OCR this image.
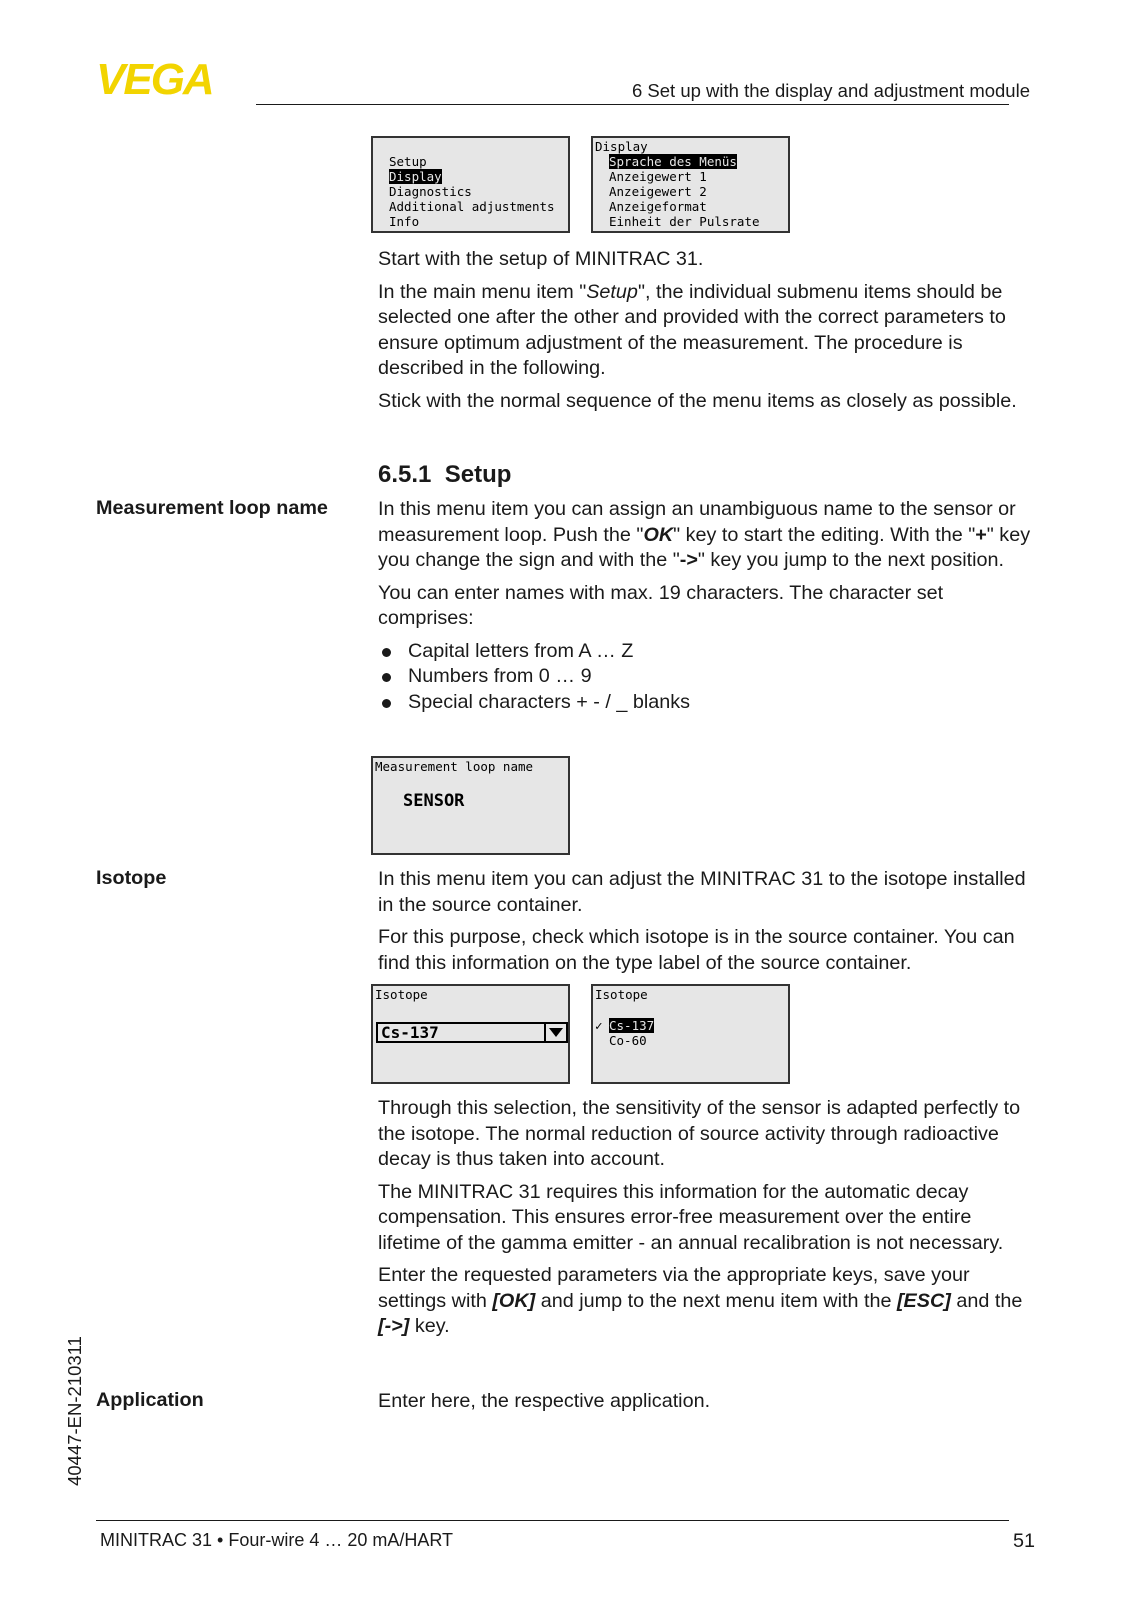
VEGA	6 Set up with the display and adjustment module
Setup
Display
Diagnostics
Additional adjustments
Info
Display
Sprache des Menüs
Anzeigewert 1
Anzeigewert 2
Anzeigeformat
Einheit der Pulsrate

Start with the setup of MINITRAC 31.

In the main menu item "Setup", the individual submenu items should be selected one after the other and provided with the correct parameters to ensure optimum adjustment of the measurement. The procedure is described in the following.

Stick with the normal sequence of the menu items as closely as possible.

6.5.1 Setup
Measurement loop name	In this menu item you can assign an unambiguous name to the sensor or measurement loop. Push the "OK" key to start the editing. With the "+" key you change the sign and with the "->" key you jump to the next position.

You can enter names with max. 19 characters. The character set comprises:

Capital letters from A … Z
Numbers from 0 … 9
Special characters + - / _ blanks
Measurement loop name
SENSOR
Isotope	In this menu item you can adjust the MINITRAC 31 to the isotope installed in the source container.

For this purpose, check which isotope is in the source container. You can find this information on the type label of the source container.

Isotope
Cs-137
Isotope
✓ Cs-137
Co-60

Through this selection, the sensitivity of the sensor is adapted perfectly to the isotope. The normal reduction of source activity through radioactive decay is thus taken into account.

The MINITRAC 31 requires this information for the automatic decay compensation. This ensures error-free measurement over the entire lifetime of the gamma emitter - an annual recalibration is not necessary.

Enter the requested parameters via the appropriate keys, save your settings with [OK] and jump to the next menu item with the [ESC] and the [->] key.

Application	Enter here, the respective application.

40447-EN-210311
MINITRAC 31 • Four-wire 4 … 20 mA/HART	51
